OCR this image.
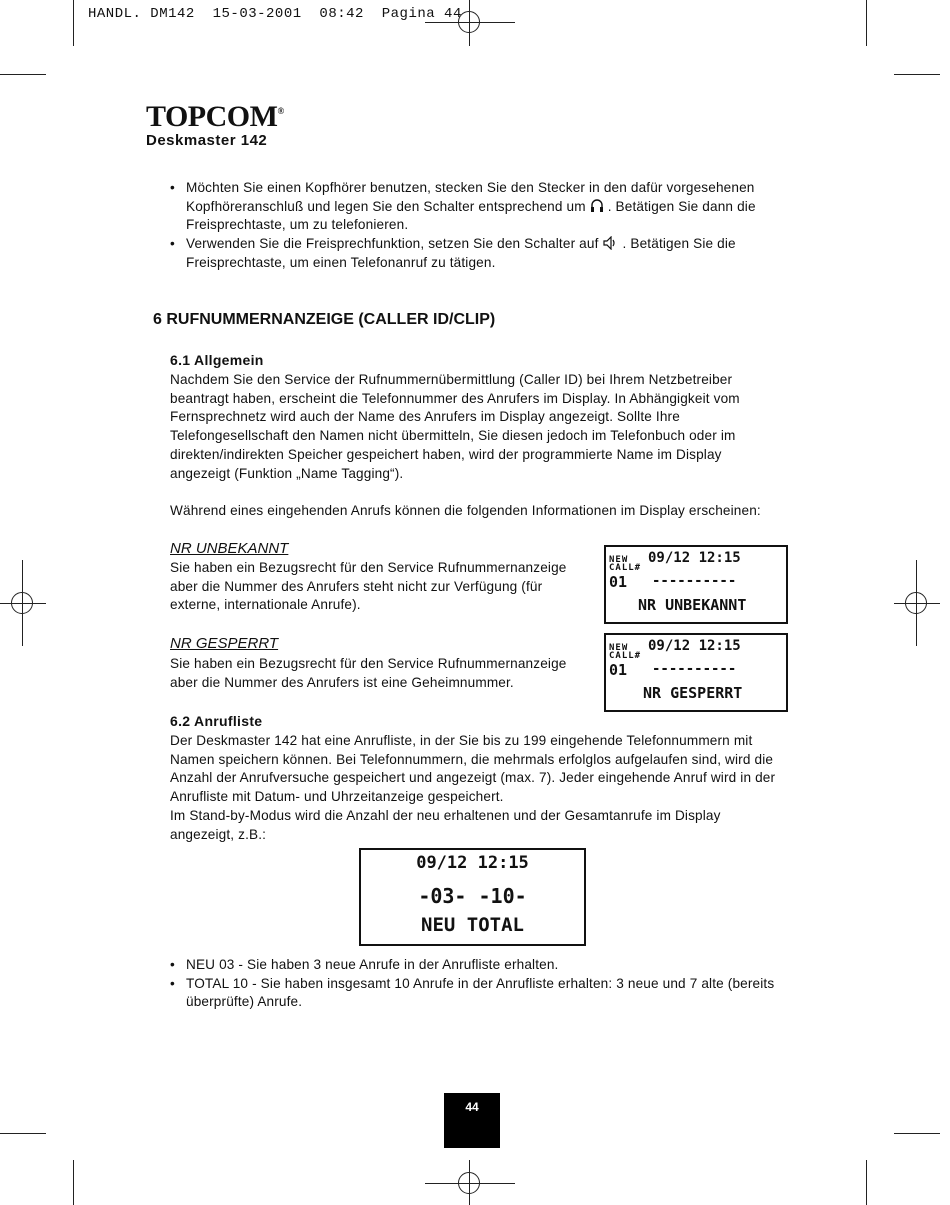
HANDL. DM142  15-03-2001  08:42  Pagina 44
TOPCOM®
Deskmaster 142
• Möchten Sie einen Kopfhörer benutzen, stecken Sie den Stecker in den dafür vorgesehenen Kopfhöreranschluß und legen Sie den Schalter entsprechend um . Betätigen Sie dann die Freisprechtaste, um zu telefonieren.
• Verwenden Sie die Freisprechfunktion, setzen Sie den Schalter auf . Betätigen Sie die Freisprechtaste, um einen Telefonanruf zu tätigen.
6 RUFNUMMERNANZEIGE (CALLER ID/CLIP)
6.1 Allgemein
Nachdem Sie den Service der Rufnummernübermittlung (Caller ID) bei Ihrem Netzbetreiber beantragt haben, erscheint die Telefonnummer des Anrufers im Display. In Abhängigkeit vom Fernsprechnetz wird auch der Name des Anrufers im Display angezeigt. Sollte Ihre Telefongesellschaft den Namen nicht übermitteln, Sie diesen jedoch im Telefonbuch oder im direkten/indirekten Speicher gespeichert haben, wird der programmierte Name im Display angezeigt (Funktion „Name Tagging“).
Während eines eingehenden Anrufs können die folgenden Informationen im Display erscheinen:
NR UNBEKANNT
Sie haben ein Bezugsrecht für den Service Rufnummernanzeige aber die Nummer des Anrufers steht nicht zur Verfügung (für externe, internationale Anrufe).
NEW
CALL#
09/12 12:15
01 ----------
NR UNBEKANNT
NR GESPERRT
Sie haben ein Bezugsrecht für den Service Rufnummernanzeige aber die Nummer des Anrufers ist eine Geheimnummer.
NEW
CALL#
09/12 12:15
01 ----------
NR GESPERRT
6.2 Anrufliste
Der Deskmaster 142 hat eine Anrufliste, in der Sie bis zu 199 eingehende Telefonnummern mit Namen speichern können. Bei Telefonnummern, die mehrmals erfolglos aufgelaufen sind, wird die Anzahl der Anrufversuche gespeichert und angezeigt (max. 7). Jeder eingehende Anruf wird in der Anrufliste mit Datum- und Uhrzeitanzeige gespeichert.
Im Stand-by-Modus wird die Anzahl der neu erhaltenen und der Gesamtanrufe im Display angezeigt, z.B.:
09/12 12:15
-03- -10-
NEU TOTAL
• NEU 03 - Sie haben 3 neue Anrufe in der Anrufliste erhalten.
• TOTAL 10 - Sie haben insgesamt 10 Anrufe in der Anrufliste erhalten: 3 neue und 7 alte (bereits überprüfte) Anrufe.
44
